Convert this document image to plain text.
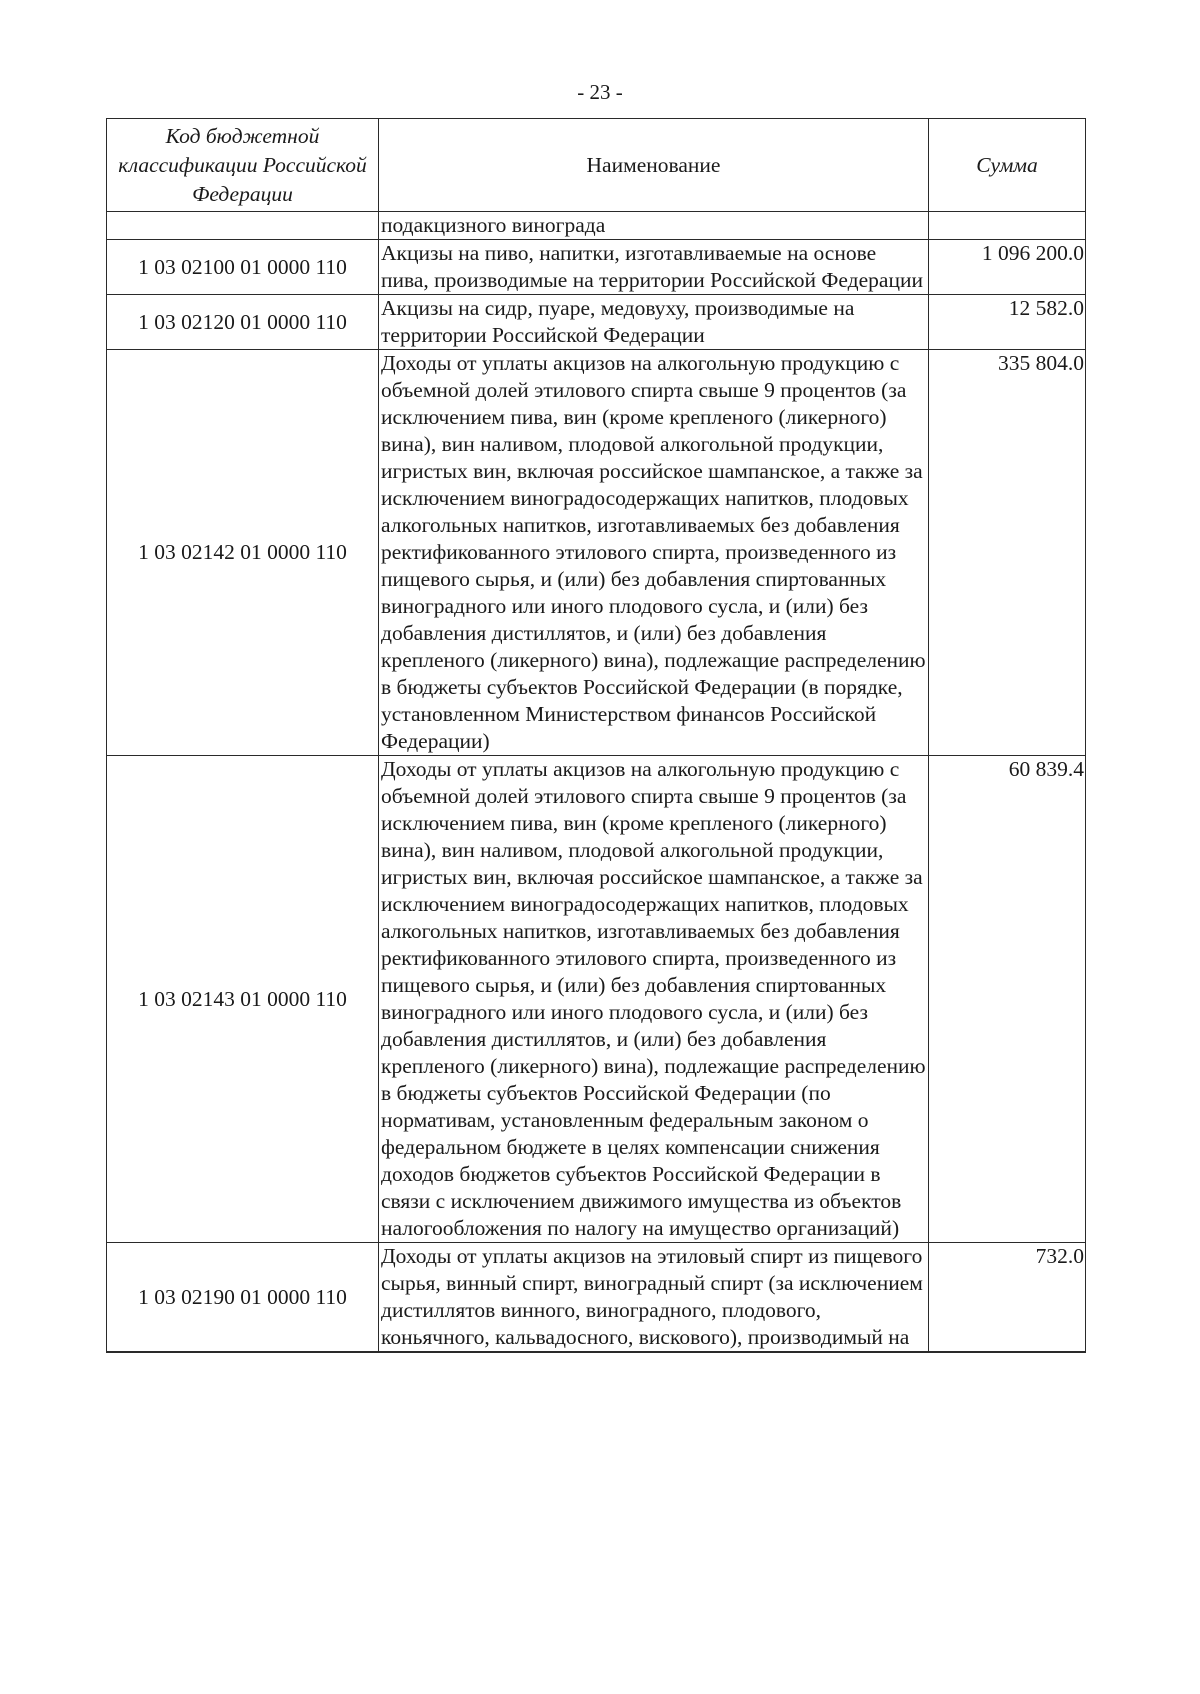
- 23 -
Код бюджетной классификации Российской Федерации	Наименование	Сумма
	подакцизного винограда	
1 03 02100 01 0000 110	Акцизы на пиво, напитки, изготавливаемые на основе пива, производимые на территории Российской Федерации	1 096 200.0
1 03 02120 01 0000 110	Акцизы на сидр, пуаре, медовуху, производимые на территории Российской Федерации	12 582.0
1 03 02142 01 0000 110	Доходы от уплаты акцизов на алкогольную продукцию с объемной долей этилового спирта свыше 9 процентов (за исключением пива, вин (кроме крепленого (ликерного) вина), вин наливом, плодовой алкогольной продукции, игристых вин, включая российское шампанское, а также за исключением виноградосодержащих напитков, плодовых алкогольных напитков, изготавливаемых без добавления ректификованного этилового спирта, произведенного из пищевого сырья, и (или) без добавления спиртованных виноградного или иного плодового сусла, и (или) без добавления дистиллятов, и (или) без добавления крепленого (ликерного) вина), подлежащие распределению в бюджеты субъектов Российской Федерации (в порядке, установленном Министерством финансов Российской Федерации)	335 804.0
1 03 02143 01 0000 110	Доходы от уплаты акцизов на алкогольную продукцию с объемной долей этилового спирта свыше 9 процентов (за исключением пива, вин (кроме крепленого (ликерного) вина), вин наливом, плодовой алкогольной продукции, игристых вин, включая российское шампанское, а также за исключением виноградосодержащих напитков, плодовых алкогольных напитков, изготавливаемых без добавления ректификованного этилового спирта, произведенного из пищевого сырья, и (или) без добавления спиртованных виноградного или иного плодового сусла, и (или) без добавления дистиллятов, и (или) без добавления крепленого (ликерного) вина), подлежащие распределению в бюджеты субъектов Российской Федерации (по нормативам, установленным федеральным законом о федеральном бюджете в целях компенсации снижения доходов бюджетов субъектов Российской Федерации в связи с исключением движимого имущества из объектов налогообложения по налогу на имущество организаций)	60 839.4
1 03 02190 01 0000 110	Доходы от уплаты акцизов на этиловый спирт из пищевого сырья, винный спирт, виноградный спирт (за исключением дистиллятов винного, виноградного, плодового, коньячного, кальвадосного, вискового), производимый на	732.0
